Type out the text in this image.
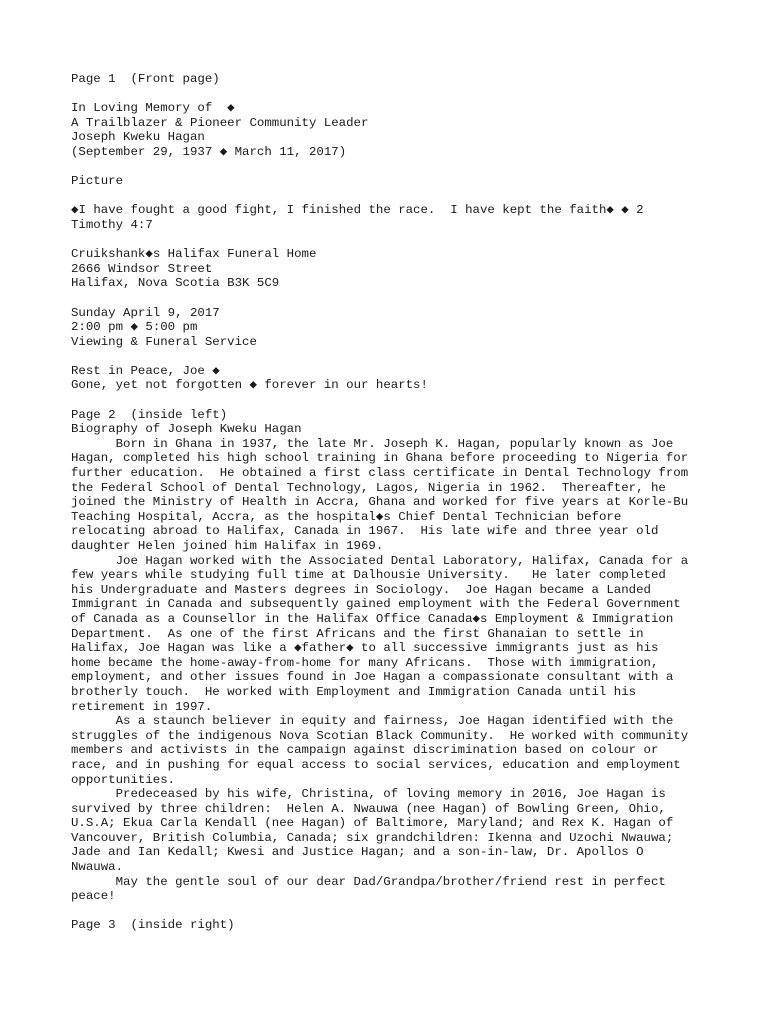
Page 1  (Front page)
In Loving Memory of  ◆
A Trailblazer & Pioneer Community Leader
Joseph Kweku Hagan
(September 29, 1937 ◆ March 11, 2017)
Picture
◆I have fought a good fight, I finished the race.  I have kept the faith◆ ◆ 2
Timothy 4:7
Cruikshank◆s Halifax Funeral Home
2666 Windsor Street
Halifax, Nova Scotia B3K 5C9
Sunday April 9, 2017
2:00 pm ◆ 5:00 pm
Viewing & Funeral Service
Rest in Peace, Joe ◆
Gone, yet not forgotten ◆ forever in our hearts!
Page 2  (inside left)
Biography of Joseph Kweku Hagan
Born in Ghana in 1937, the late Mr. Joseph K. Hagan, popularly known as Joe
Hagan, completed his high school training in Ghana before proceeding to Nigeria for
further education.  He obtained a first class certificate in Dental Technology from
the Federal School of Dental Technology, Lagos, Nigeria in 1962.  Thereafter, he
joined the Ministry of Health in Accra, Ghana and worked for five years at Korle-Bu
Teaching Hospital, Accra, as the hospital◆s Chief Dental Technician before
relocating abroad to Halifax, Canada in 1967.  His late wife and three year old
daughter Helen joined him Halifax in 1969.
Joe Hagan worked with the Associated Dental Laboratory, Halifax, Canada for a
few years while studying full time at Dalhousie University.   He later completed
his Undergraduate and Masters degrees in Sociology.  Joe Hagan became a Landed
Immigrant in Canada and subsequently gained employment with the Federal Government
of Canada as a Counsellor in the Halifax Office Canada◆s Employment & Immigration
Department.  As one of the first Africans and the first Ghanaian to settle in
Halifax, Joe Hagan was like a ◆father◆ to all successive immigrants just as his
home became the home-away-from-home for many Africans.  Those with immigration,
employment, and other issues found in Joe Hagan a compassionate consultant with a
brotherly touch.  He worked with Employment and Immigration Canada until his
retirement in 1997.
As a staunch believer in equity and fairness, Joe Hagan identified with the
struggles of the indigenous Nova Scotian Black Community.  He worked with community
members and activists in the campaign against discrimination based on colour or
race, and in pushing for equal access to social services, education and employment
opportunities.
Predeceased by his wife, Christina, of loving memory in 2016, Joe Hagan is
survived by three children:  Helen A. Nwauwa (nee Hagan) of Bowling Green, Ohio,
U.S.A; Ekua Carla Kendall (nee Hagan) of Baltimore, Maryland; and Rex K. Hagan of
Vancouver, British Columbia, Canada; six grandchildren: Ikenna and Uzochi Nwauwa;
Jade and Ian Kedall; Kwesi and Justice Hagan; and a son-in-law, Dr. Apollos O
Nwauwa.
May the gentle soul of our dear Dad/Grandpa/brother/friend rest in perfect
peace!
Page 3  (inside right)
